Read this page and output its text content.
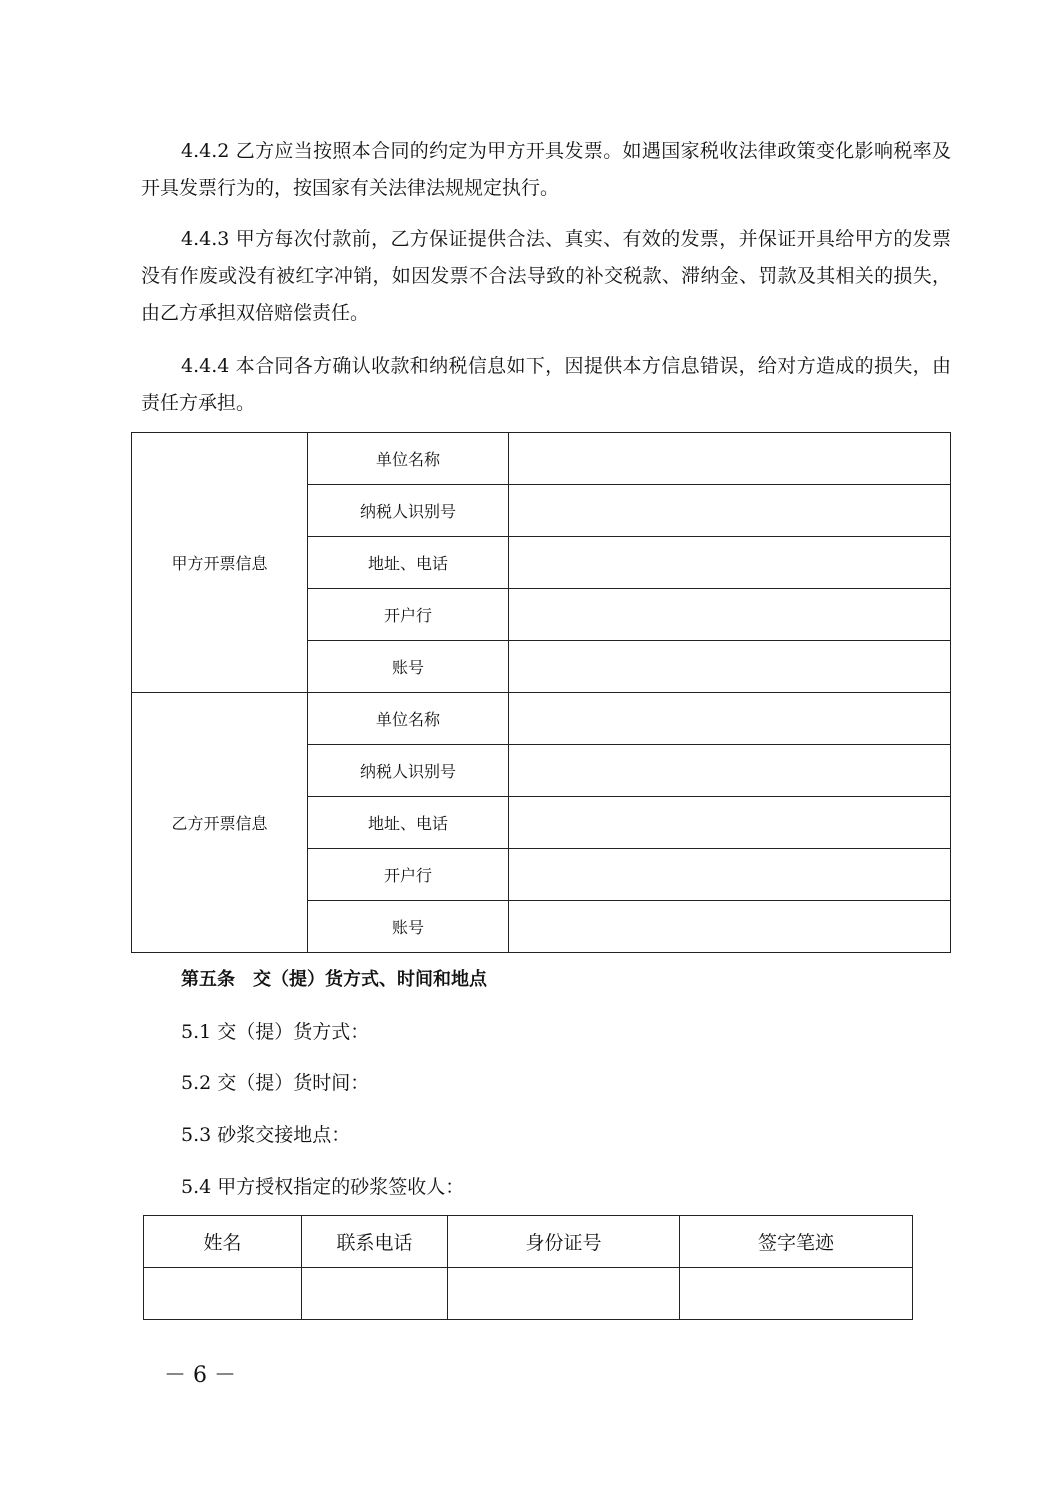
4.4.2 乙方应当按照本合同的约定为甲方开具发票。如遇国家税收法律政策变化影响税率及开具发票行为的，按国家有关法律法规规定执行。

4.4.3 甲方每次付款前，乙方保证提供合法、真实、有效的发票，并保证开具给甲方的发票没有作废或没有被红字冲销，如因发票不合法导致的补交税款、滞纳金、罚款及其相关的损失，由乙方承担双倍赔偿责任。

4.4.4 本合同各方确认收款和纳税信息如下，因提供本方信息错误，给对方造成的损失，由责任方承担。

甲方开票信息	单位名称	
	纳税人识别号	
	地址、电话	
	开户行	
	账号	
乙方开票信息	单位名称	
	纳税人识别号	
	地址、电话	
	开户行	
	账号	

第五条　交（提）货方式、时间和地点

5.1 交（提）货方式：

5.2 交（提）货时间：

5.3 砂浆交接地点：

5.4 甲方授权指定的砂浆签收人：

姓名	联系电话	身份证号	签字笔迹

－ 6 －
